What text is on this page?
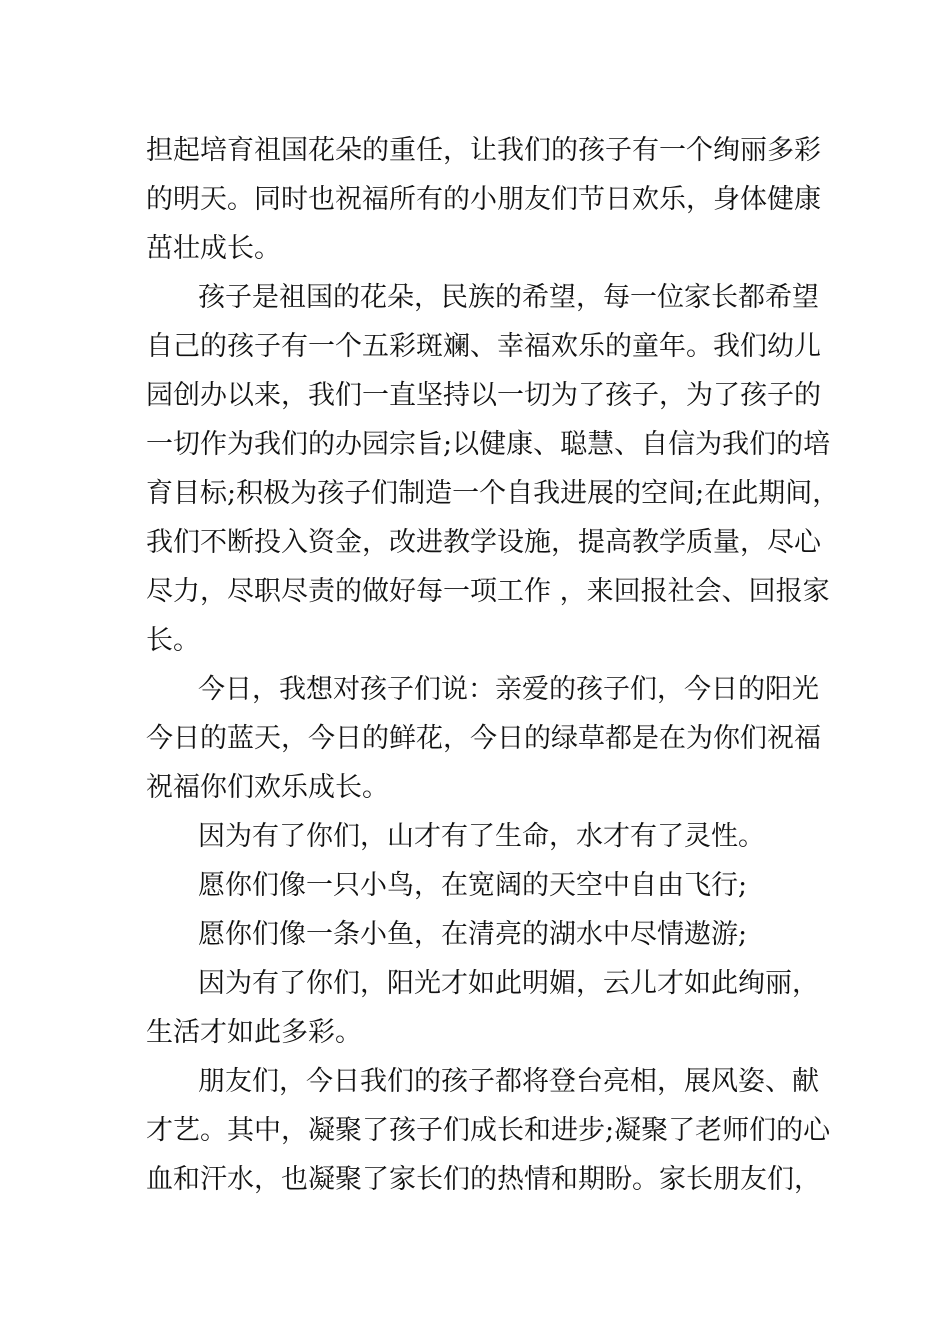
担起培育祖国花朵的重任，让我们的孩子有一个绚丽多彩
的明天。同时也祝福所有的小朋友们节日欢乐，身体健康
茁壮成长。
孩子是祖国的花朵，民族的希望，每一位家长都希望
自己的孩子有一个五彩斑斓、幸福欢乐的童年。我们幼儿
园创办以来，我们一直坚持以一切为了孩子，为了孩子的
一切作为我们的办园宗旨;以健康、聪慧、自信为我们的培
育目标;积极为孩子们制造一个自我进展的空间;在此期间，
我们不断投入资金，改进教学设施，提高教学质量，尽心
尽力，尽职尽责的做好每一项工作 ，来回报社会、回报家
长。
今日，我想对孩子们说：亲爱的孩子们，今日的阳光
今日的蓝天，今日的鲜花，今日的绿草都是在为你们祝福
祝福你们欢乐成长。
因为有了你们，山才有了生命，水才有了灵性。
愿你们像一只小鸟，在宽阔的天空中自由飞行;
愿你们像一条小鱼，在清亮的湖水中尽情遨游;
因为有了你们，阳光才如此明媚，云儿才如此绚丽，
生活才如此多彩。
朋友们，今日我们的孩子都将登台亮相，展风姿、献
才艺。其中，凝聚了孩子们成长和进步;凝聚了老师们的心
血和汗水，也凝聚了家长们的热情和期盼。家长朋友们，
